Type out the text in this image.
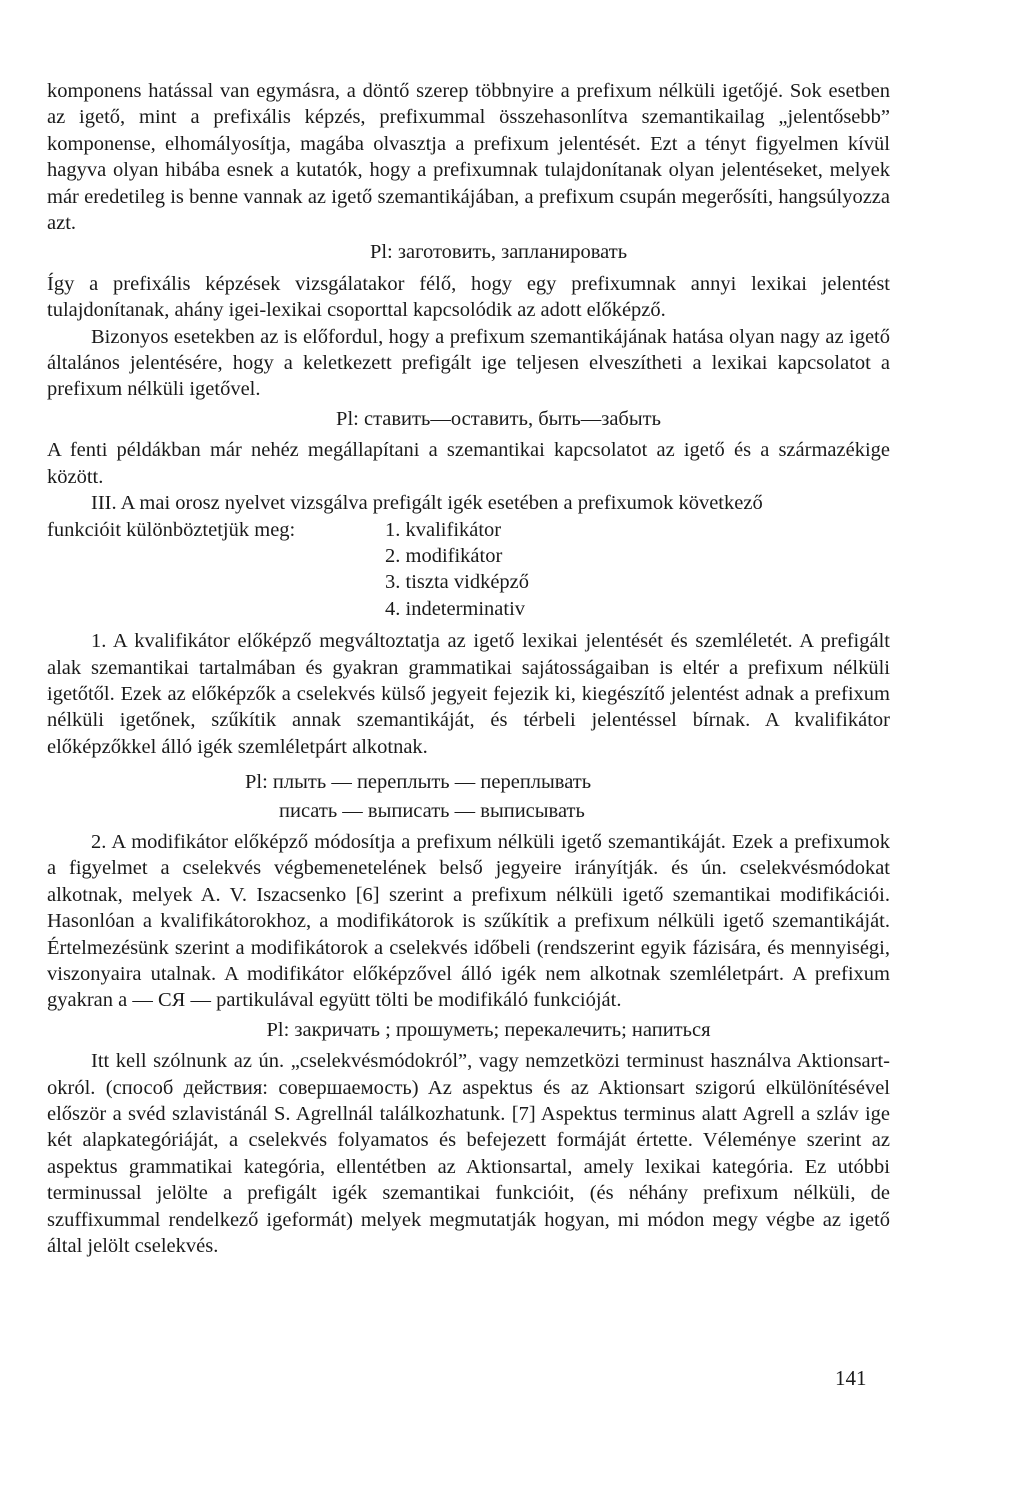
komponens hatással van egymásra, a döntő szerep többnyire a prefixum nélküli igetőjé. Sok esetben az igető, mint a prefixális képzés, prefixummal összehasonlítva szemantikailag „jelentősebb” komponense, elhomályosítja, magába olvasztja a prefixum jelentését. Ezt a tényt figyelmen kívül hagyva olyan hibába esnek a kutatók, hogy a prefixumnak tulajdonítanak olyan jelentéseket, melyek már eredetileg is benne vannak az igető szemantikájában, a prefixum csupán megerősíti, hangsúlyozza azt.

Pl: заготовить, запланировать

Így a prefixális képzések vizsgálatakor félő, hogy egy prefixumnak annyi lexikai jelentést tulajdonítanak, ahány igei-lexikai csoporttal kapcsolódik az adott előképző.

Bizonyos esetekben az is előfordul, hogy a prefixum szemantikájának hatása olyan nagy az igető általános jelentésére, hogy a keletkezett prefigált ige teljesen elveszítheti a lexikai kapcsolatot a prefixum nélküli igetővel.

Pl: ставить—оставить, быть—забыть

A fenti példákban már nehéz megállapítani a szemantikai kapcsolatot az igető és a származékige között.

III. A mai orosz nyelvet vizsgálva prefigált igék esetében a prefixumok következő

funkcióit különböztetjük meg:	1. kvalifikátor
2. modifikátor
3. tiszta vidképző
4. indeterminativ

1. A kvalifikátor előképző megváltoztatja az igető lexikai jelentését és szemléletét. A prefigált alak szemantikai tartalmában és gyakran grammatikai sajátosságaiban is eltér a prefixum nélküli igetőtől. Ezek az előképzők a cselekvés külső jegyeit fejezik ki, kiegészítő jelentést adnak a prefixum nélküli igetőnek, szűkítik annak szemantikáját, és térbeli jelentéssel bírnak. A kvalifikátor előképzőkkel álló igék szemléletpárt alkotnak.

Pl: плыть — переплыть — переплывать

писать — выписать — выписывать

2. A modifikátor előképző módosítja a prefixum nélküli igető szemantikáját. Ezek a prefixumok a figyelmet a cselekvés végbemenetelének belső jegyeire irányítják. és ún. cselekvésmódokat alkotnak, melyek A. V. Iszacsenko [6] szerint a prefixum nélküli igető szemantikai modifikációi. Hasonlóan a kvalifikátorokhoz, a modifikátorok is szűkítik a prefixum nélküli igető szemantikáját. Értelmezésünk szerint a modifikátorok a cselekvés időbeli (rendszerint egyik fázisára, és mennyiségi, viszonyaira utalnak. A modifikátor előképzővel álló igék nem alkotnak szemléletpárt. A prefixum gyakran a — СЯ — partikulával együtt tölti be modifikáló funkcióját.

Pl: закричать ; прошуметь; перекалечить; напиться

Itt kell szólnunk az ún. „cselekvésmódokról”, vagy nemzetközi terminust használva Aktionsart-okról. (способ действия: совершаемость) Az aspektus és az Aktionsart szigorú elkülönítésével először a svéd szlavistánál S. Agrellnál találkozhatunk. [7] Aspektus terminus alatt Agrell a szláv ige két alapkategóriáját, a cselekvés folyamatos és befejezett formáját értette. Véleménye szerint az aspektus grammatikai kategória, ellentétben az Aktionsartal, amely lexikai kategória. Ez utóbbi terminussal jelölte a prefigált igék szemantikai funkcióit, (és néhány prefixum nélküli, de szuffixummal rendelkező igeformát) melyek megmutatják hogyan, mi módon megy végbe az igető által jelölt cselekvés.

141
